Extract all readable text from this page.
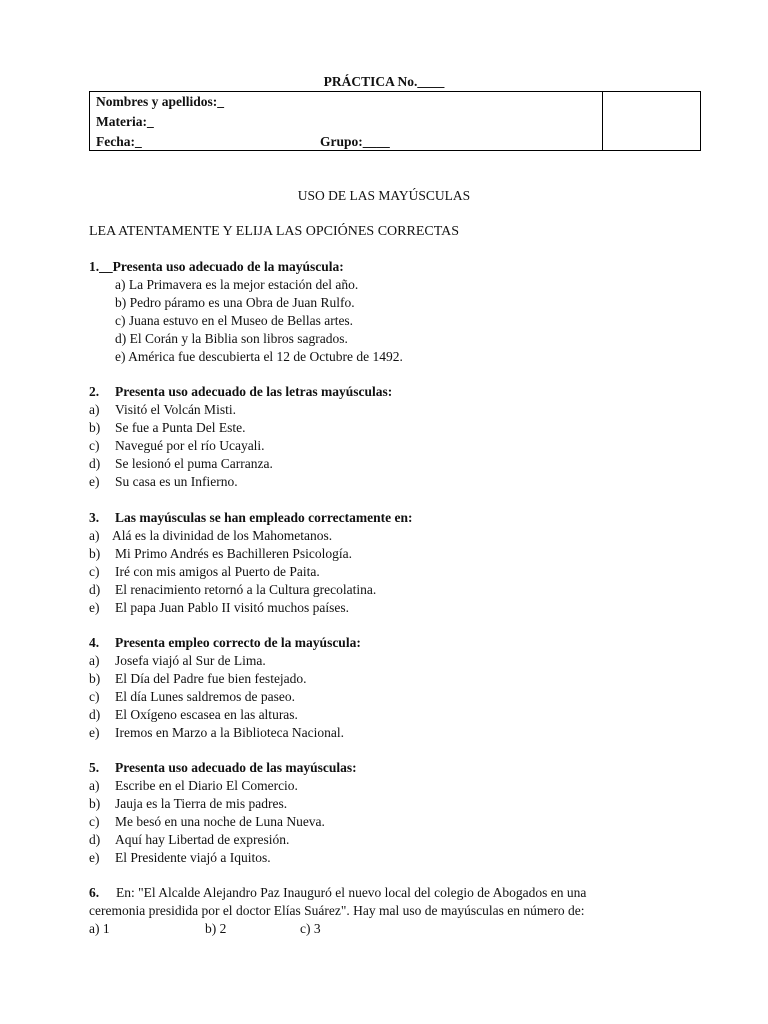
PRÁCTICA No.____
Nombres y apellidos:_
Materia:_
Fecha:_	Grupo:____
USO DE LAS MAYÚSCULAS
LEA ATENTAMENTE Y ELIJA LAS OPCIÓNES CORRECTAS
1.__Presenta uso adecuado de la mayúscula:
a) La Primavera es la mejor estación del año.
b) Pedro páramo es una Obra de Juan Rulfo.
c) Juana estuvo en el Museo de Bellas artes.
d) El Corán y la Biblia son libros sagrados.
e) América fue descubierta el 12 de Octubre de 1492.
2. Presenta uso adecuado de las letras mayúsculas:
a) Visitó el Volcán Misti.
b) Se fue a Punta Del Este.
c) Navegué por el río Ucayali.
d) Se lesionó el puma Carranza.
e) Su casa es un Infierno.
3. Las mayúsculas se han empleado correctamente en:
a) Alá es la divinidad de los Mahometanos.
b) Mi Primo Andrés es Bachilleren Psicología.
c) Iré con mis amigos al Puerto de Paita.
d) El renacimiento retornó a la Cultura grecolatina.
e) El papa Juan Pablo II visitó muchos países.
4. Presenta empleo correcto de la mayúscula:
a) Josefa viajó al Sur de Lima.
b) El Día del Padre fue bien festejado.
c) El día Lunes saldremos de paseo.
d) El Oxígeno escasea en las alturas.
e) Iremos en Marzo a la Biblioteca Nacional.
5. Presenta uso adecuado de las mayúsculas:
a) Escribe en el Diario El Comercio.
b) Jauja es la Tierra de mis padres.
c) Me besó en una noche de Luna Nueva.
d) Aquí hay Libertad de expresión.
e) El Presidente viajó a Iquitos.
6. En: "El Alcalde Alejandro Paz Inauguró el nuevo local del colegio de Abogados en una
ceremonia presidida por el doctor Elías Suárez". Hay mal uso de mayúsculas en número de:
a) 1	b) 2	c) 3
